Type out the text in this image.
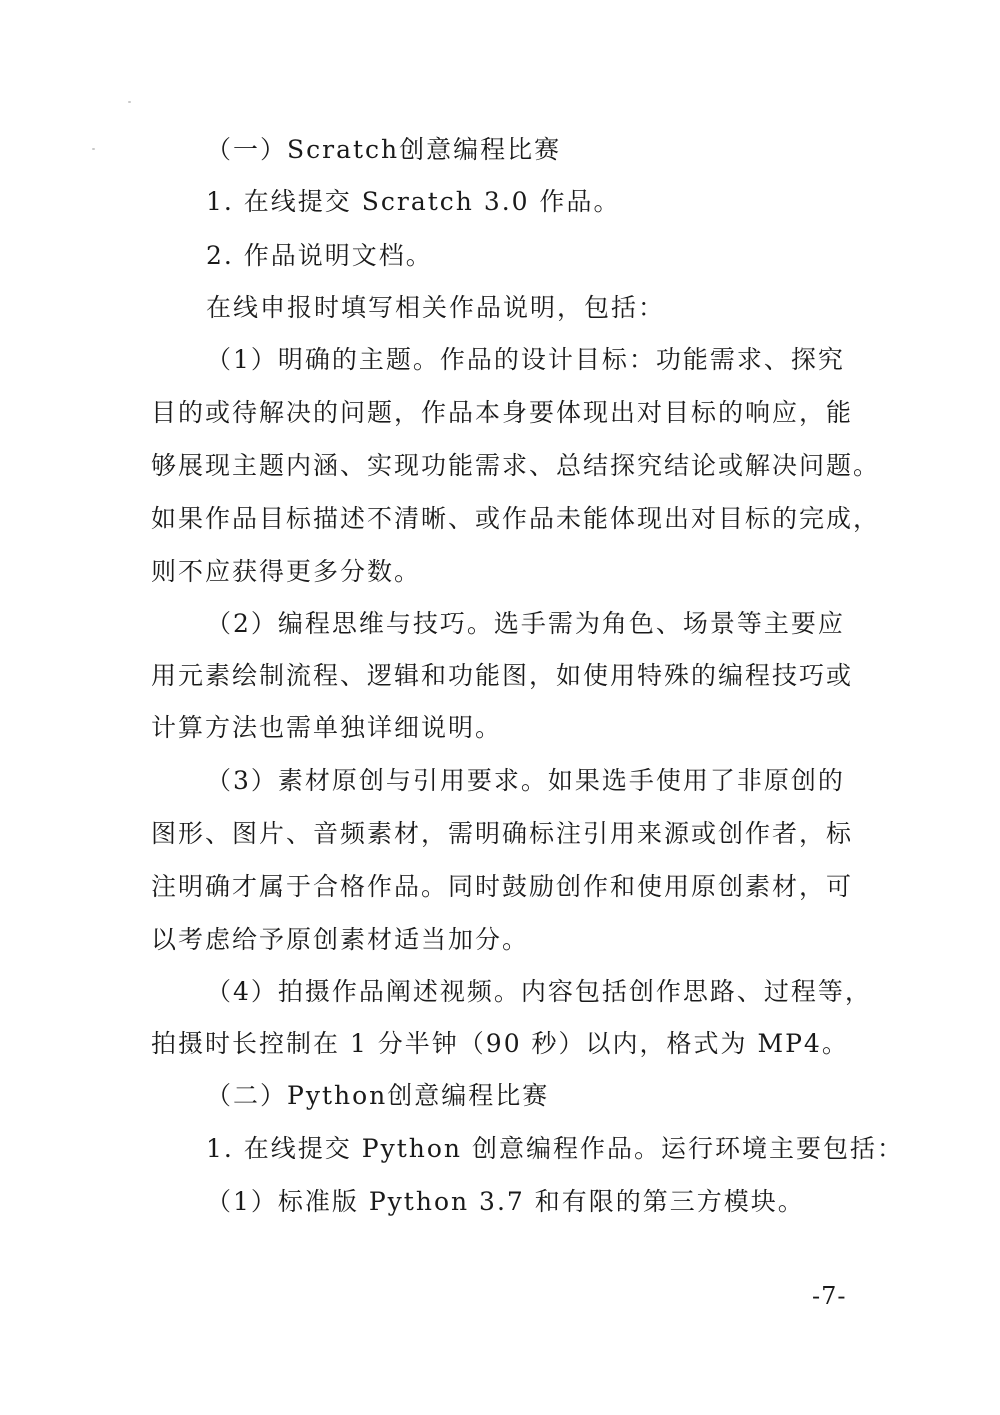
（一）Scratch创意编程比赛
1. 在线提交 Scratch 3.0 作品。
2. 作品说明文档。
在线申报时填写相关作品说明，包括：
（1）明确的主题。作品的设计目标：功能需求、探究
目的或待解决的问题，作品本身要体现出对目标的响应，能
够展现主题内涵、实现功能需求、总结探究结论或解决问题。
如果作品目标描述不清晰、或作品未能体现出对目标的完成，
则不应获得更多分数。
（2）编程思维与技巧。选手需为角色、场景等主要应
用元素绘制流程、逻辑和功能图，如使用特殊的编程技巧或
计算方法也需单独详细说明。
（3）素材原创与引用要求。如果选手使用了非原创的
图形、图片、音频素材，需明确标注引用来源或创作者，标
注明确才属于合格作品。同时鼓励创作和使用原创素材，可
以考虑给予原创素材适当加分。
（4）拍摄作品阐述视频。内容包括创作思路、过程等，
拍摄时长控制在 1 分半钟（90 秒）以内，格式为 MP4。
（二）Python创意编程比赛
1. 在线提交 Python 创意编程作品。运行环境主要包括：
（1）标准版 Python 3.7 和有限的第三方模块。
-7-
